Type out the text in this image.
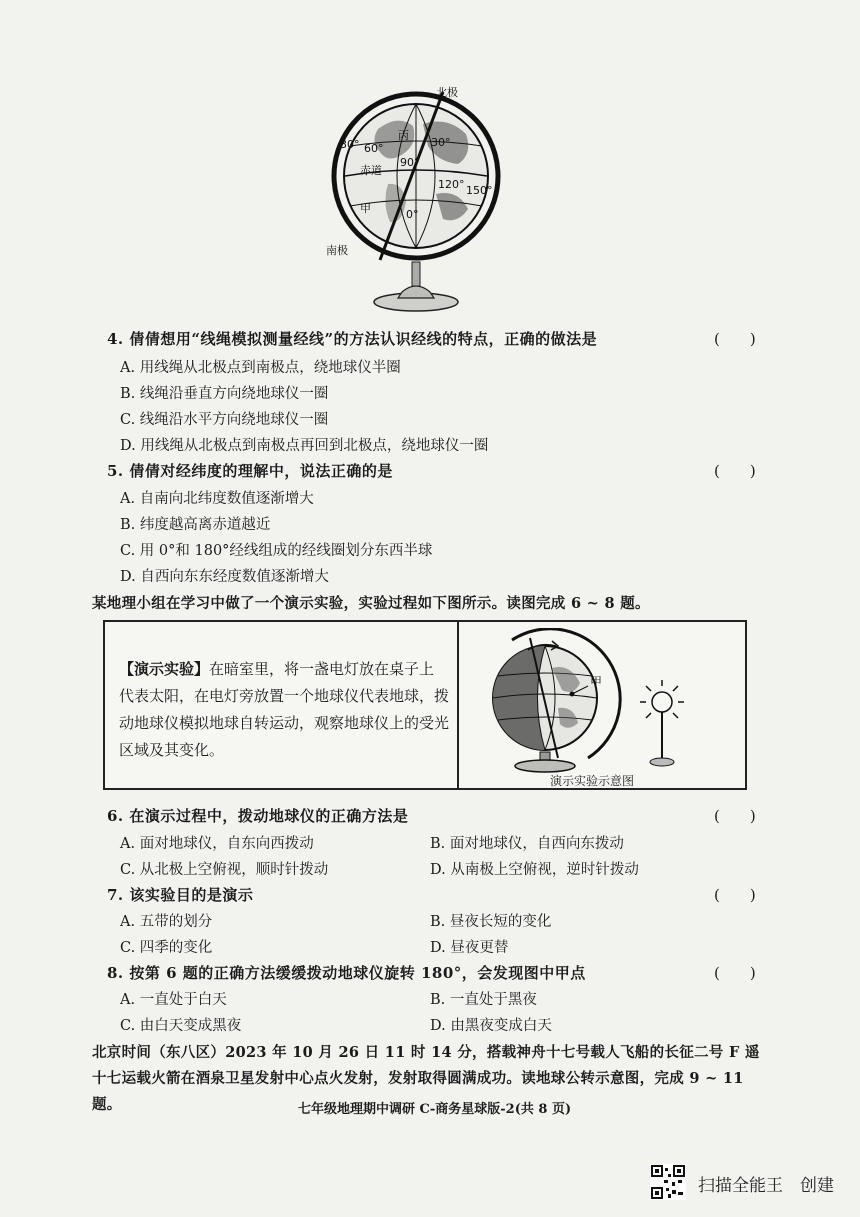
北极
南极
赤道
丙
甲
30° 60°
90°
30°
120° 150°
0°
4. 倩倩想用“线绳模拟测量经线”的方法认识经线的特点，正确的做法是	(　　)
A. 用线绳从北极点到南极点，绕地球仪半圈
B. 线绳沿垂直方向绕地球仪一圈
C. 线绳沿水平方向绕地球仪一圈
D. 用线绳从北极点到南极点再回到北极点，绕地球仪一圈
5. 倩倩对经纬度的理解中，说法正确的是	(　　)
A. 自南向北纬度数值逐渐增大
B. 纬度越高离赤道越近
C. 用 0°和 180°经线组成的经线圈划分东西半球
D. 自西向东东经度数值逐渐增大
某地理小组在学习中做了一个演示实验，实验过程如下图所示。读图完成 6 ~ 8 题。
【演示实验】在暗室里，将一盏电灯放在桌子上代表太阳，在电灯旁放置一个地球仪代表地球，拨动地球仪模拟地球自转运动，观察地球仪上的受光区域及其变化。
甲
演示实验示意图
6. 在演示过程中，拨动地球仪的正确方法是	(　　)
A. 面对地球仪，自东向西拨动	B. 面对地球仪，自西向东拨动
C. 从北极上空俯视，顺时针拨动	D. 从南极上空俯视，逆时针拨动
7. 该实验目的是演示	(　　)
A. 五带的划分	B. 昼夜长短的变化
C. 四季的变化	D. 昼夜更替
8. 按第 6 题的正确方法缓缓拨动地球仪旋转 180°，会发现图中甲点	(　　)
A. 一直处于白天	B. 一直处于黑夜
C. 由白天变成黑夜	D. 由黑夜变成白天
北京时间（东八区）2023 年 10 月 26 日 11 时 14 分，搭载神舟十七号载人飞船的长征二号 F 遥十七运载火箭在酒泉卫星发射中心点火发射，发射取得圆满成功。读地球公转示意图，完成 9 ~ 11 题。	七年级地理期中调研 C-商务星球版-2(共 8 页)
扫描全能王　创建
